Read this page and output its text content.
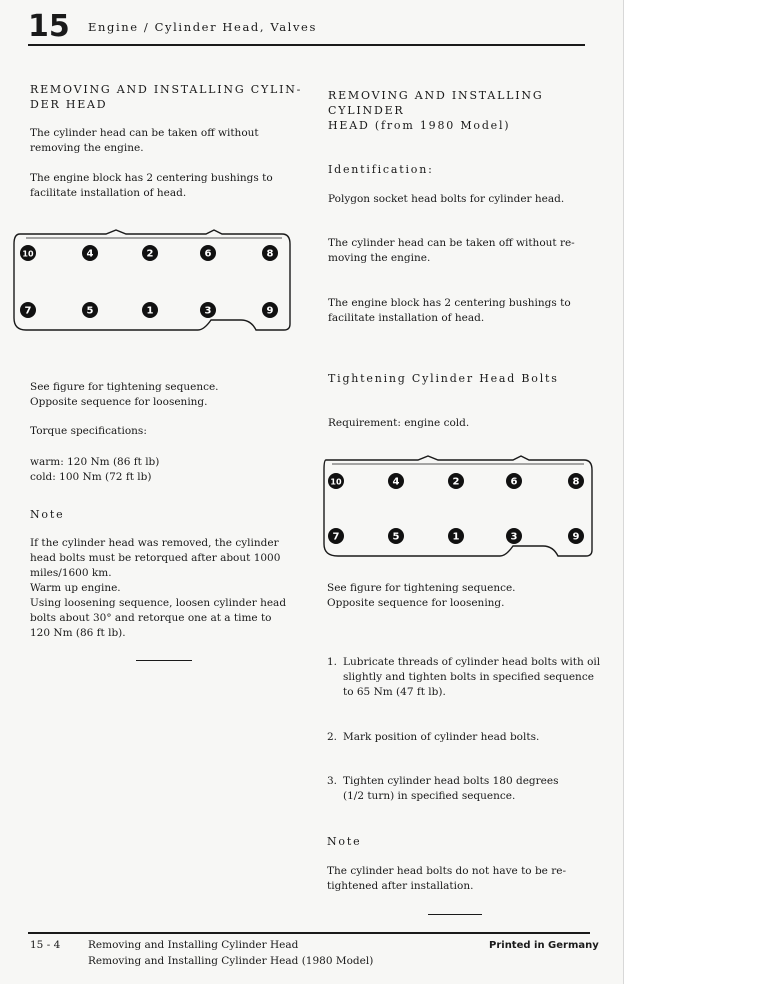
15 Engine / Cylinder Head, Valves
REMOVING AND INSTALLING CYLIN-
DER HEAD
The cylinder head can be taken off without
removing the engine.
The engine block has 2 centering bushings to
facilitate installation of head.
10	4	2	6	8
7	5	1	3	9
See figure for tightening sequence.
Opposite sequence for loosening.
Torque specifications:
warm: 120 Nm (86 ft lb)
cold: 100 Nm (72 ft lb)
Note
If the cylinder head was removed, the cylinder
head bolts must be retorqued after about 1000
miles/1600 km.
Warm up engine.
Using loosening sequence, loosen cylinder head
bolts about 30° and retorque one at a time to
120 Nm (86 ft lb).
REMOVING AND INSTALLING CYLINDER
HEAD (from 1980 Model)
Identification:
Polygon socket head bolts for cylinder head.
The cylinder head can be taken off without re-
moving the engine.
The engine block has 2 centering bushings to
facilitate installation of head.
Tightening Cylinder Head Bolts
Requirement: engine cold.
10	4	2	6	8
7	5	1	3	9
See figure for tightening sequence.
Opposite sequence for loosening.
1. Lubricate threads of cylinder head bolts with oil
slightly and tighten bolts in specified sequence
to 65 Nm (47 ft lb).
2. Mark position of cylinder head bolts.
3. Tighten cylinder head bolts 180 degrees
(1/2 turn) in specified sequence.
Note
The cylinder head bolts do not have to be re-
tightened after installation.
15 - 4	Removing and Installing Cylinder Head
Removing and Installing Cylinder Head (1980 Model)
Printed in Germany
